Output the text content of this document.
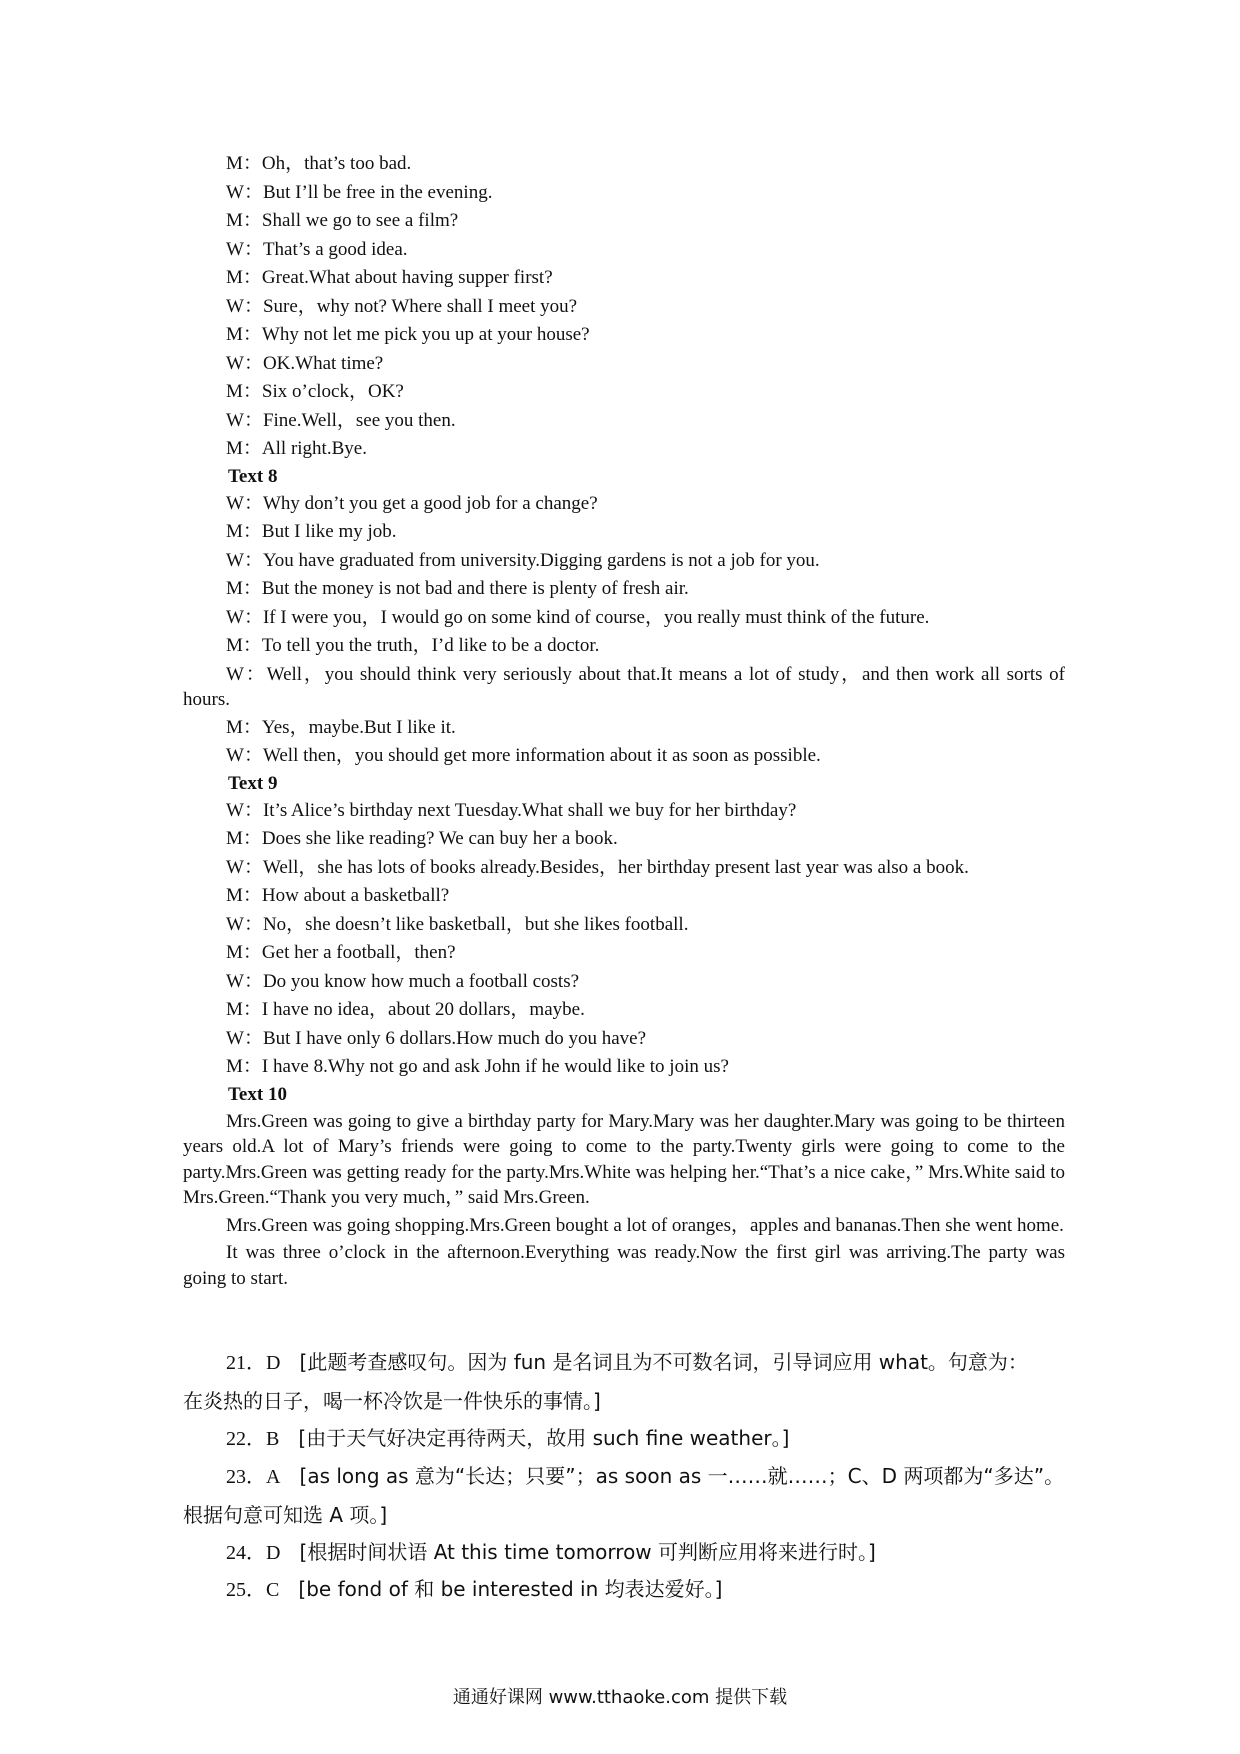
M：Oh，that’s too bad.
W：But I’ll be free in the evening.
M：Shall we go to see a film?
W：That’s a good idea.
M：Great.What about having supper first?
W：Sure，why not? Where shall I meet you?
M：Why not let me pick you up at your house?
W：OK.What time?
M：Six o’clock，OK?
W：Fine.Well，see you then.
M：All right.Bye.
Text 8
W：Why don’t you get a good job for a change?
M：But I like my job.
W：You have graduated from university.Digging gardens is not a job for you.
M：But the money is not bad and there is plenty of fresh air.
W：If I were you，I would go on some kind of course，you really must think of the future.
M：To tell you the truth，I’d like to be a doctor.

W：Well，you should think very seriously about that.It means a lot of study，and then work all sorts of hours.

M：Yes，maybe.But I like it.
W：Well then，you should get more information about it as soon as possible.
Text 9
W：It’s Alice’s birthday next Tuesday.What shall we buy for her birthday?
M：Does she like reading? We can buy her a book.
W：Well，she has lots of books already.Besides，her birthday present last year was also a book.
M：How about a basketball?
W：No，she doesn’t like basketball，but she likes football.
M：Get her a football，then?
W：Do you know how much a football costs?
M：I have no idea，about 20 dollars，maybe.
W：But I have only 6 dollars.How much do you have?
M：I have 8.Why not go and ask John if he would like to join us?
Text 10

Mrs.Green was going to give a birthday party for Mary.Mary was her daughter.Mary was going to be thirteen years old.A lot of Mary’s friends were going to come to the party.Twenty girls were going to come to the party.Mrs.Green was getting ready for the party.Mrs.White was helping her.“That’s a nice cake，” Mrs.White said to Mrs.Green.“Thank you very much，” said Mrs.Green.

Mrs.Green was going shopping.Mrs.Green bought a lot of oranges，apples and bananas.Then she went home.

It was three o’clock in the afternoon.Everything was ready.Now the first girl was arriving.The party was going to start.

21．D [此题考查感叹句。因为 fun 是名词且为不可数名词，引导词应用 what。句意为：
在炎热的日子，喝一杯冷饮是一件快乐的事情。]
22．B [由于天气好决定再待两天，故用 such fine weather。]
23．A [as long as 意为“长达；只要”；as soon as 一……就……；C、D 两项都为“多达”。
根据句意可知选 A 项。]
24．D [根据时间状语 At this time tomorrow 可判断应用将来进行时。]
25．C [be fond of 和 be interested in 均表达爱好。]
通通好课网 www.tthaoke.com 提供下载
